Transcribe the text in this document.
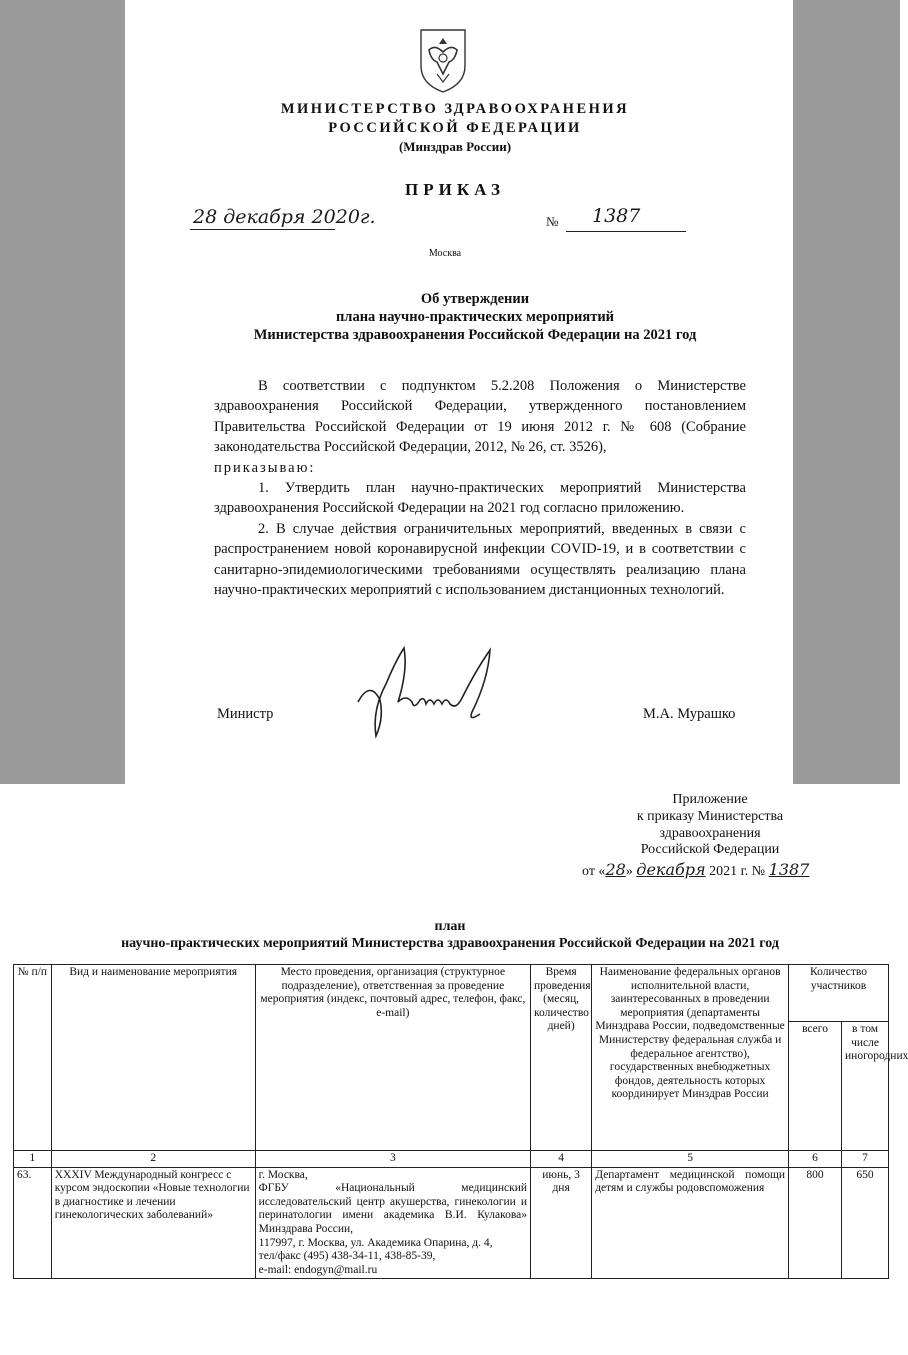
МИНИСТЕРСТВО ЗДРАВООХРАНЕНИЯ
РОССИЙСКОЙ ФЕДЕРАЦИИ
(Минздрав России)
ПРИКАЗ
28 декабря 2020г.	№ 1387
Москва
Об утверждении
плана научно-практических мероприятий
Министерства здравоохранения Российской Федерации на 2021 год

В соответствии с подпунктом 5.2.208 Положения о Министерстве здравоохранения Российской Федерации, утвержденного постановлением Правительства Российской Федерации от 19 июня 2012 г. № 608 (Собрание законодательства Российской Федерации, 2012, № 26, ст. 3526),
приказываю:

1. Утвердить план научно-практических мероприятий Министерства здравоохранения Российской Федерации на 2021 год согласно приложению.

2. В случае действия ограничительных мероприятий, введенных в связи с распространением новой коронавирусной инфекции COVID-19, и в соответствии с санитарно-эпидемиологическими требованиями осуществлять реализацию плана научно-практических мероприятий с использованием дистанционных технологий.

Министр	М.А. Мурашко
Приложение
к приказу Министерства
здравоохранения
Российской Федерации
от «28» декабря 2021 г. № 1387
план
научно-практических мероприятий Министерства здравоохранения Российской Федерации на 2021 год
№ п/п	Вид и наименование мероприятия	Место проведения, организация (структурное подразделение), ответственная за проведение мероприятия (индекс, почтовый адрес, телефон, факс, e-mail)	Время проведения (месяц, количество дней)	Наименование федеральных органов исполнительной власти, заинтересованных в проведении мероприятия (департаменты Минздрава России, подведомственные Министерству федеральная служба и федеральное агентство), государственных внебюджетных фондов, деятельность которых координирует Минздрав России	Количество участников	
					всего	в том числе иногородних
1	2	3	4	5	6	7
63.	XXXIV Международный конгресс с курсом эндоскопии «Новые технологии в диагностике и лечении гинекологических заболеваний»	г. Москва,
ФГБУ «Национальный медицинский исследовательский центр акушерства, гинекологии и перинатологии имени академика В.И. Кулакова» Минздрава России,
117997, г. Москва, ул. Академика Опарина, д. 4,
тел/факс (495) 438-34-11, 438-85-39,
e-mail: endogyn@mail.ru	июнь, 3 дня	Департамент медицинской помощи детям и службы родовспоможения	800	650
